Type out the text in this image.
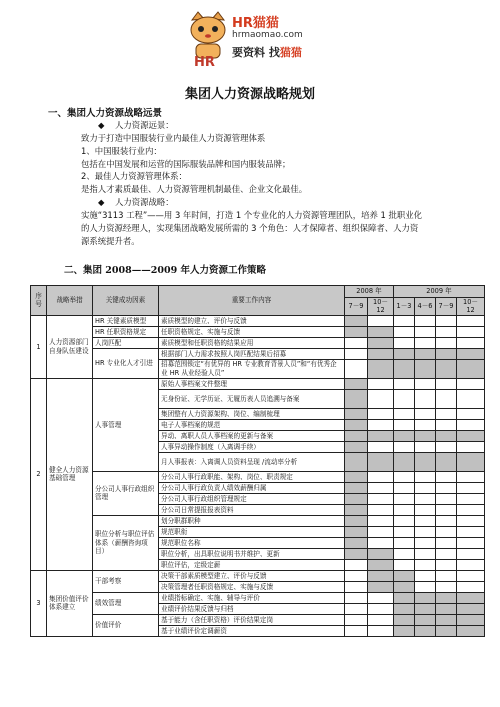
HR
HR猫猫
hrmaomao.com
要资料 找猫猫
集团人力资源战略规划
一、集团人力资源战略远景
◆ 人力资源远景：
致力于打造中国服装行业内最佳人力资源管理体系
1、中国服装行业内：
包括在中国发展和运营的国际服装品牌和国内服装品牌；
2、最佳人力资源管理体系：
是指人才素质最佳、人力资源管理机制最佳、企业文化最佳。
◆ 人力资源战略：
实施“3113 工程”——用 3 年时间，打造 1 个专业化的人力资源管理团队，培养 1 批职业化
的人力资源经理人，实现集团战略发展所需的 3 个角色：人才保障者、组织保障者、人力资
源系统提升者。
二、集团 2008——2009 年人力资源工作策略
序号	战略举措	关键成功因素	重要工作内容	2008 年		2009 年			
				7－9	10－12	1－3	4－6	7－9	10－12
1	人力资源部门自身队伍建设	HR 关键素质模型	素质模型的建立、评价与反馈						
		HR 任职资格规定	任职资格规定、实施与反馈						
		人岗匹配	素质模型和任职资格的结果应用						
		HR 专业化人才引进	根据部门人力需求按照人岗匹配结果后招募						
			招募范围锁定“有优异的 HR 专业教育背景人员”和“有优秀企业 HR 从业经验人员”						
2	健全人力资源基础管理	人事管理	原始人事档案文件整理						
			无身份证、无学历证、无履历表人员追溯与备案						
			集团整有人力资源架构、岗位、编制梳理						
			电子人事档案的规范						
			异动、离职人员人事档案的更新与备案						
			人事异动操作制度（入离调手续）						
			月人事报表：入离调人员资料呈现 /流动率分析						
		分公司人事行政组织管理	分公司人事行政职能、架构、岗位、职责规定						
			分公司人事行政负责人绩效薪酬归属						
			分公司人事行政组织管理规定						
			分公司日常提报报表资料						
		职位分析与职位评估体系（薪酬咨询项目）	划分职群职种						
			规范职衔						
			规范职位名称						
			职位分析，出具职位说明书并维护、更新						
			职位评估，定级定薪						
3	集团价值评价体系建立	干部考察	决策干部素质模型建立、评价与反馈						
			决策管理者任职资格规定、实施与反馈						
		绩效管理	业绩指标确定、实施、辅导与评价						
			业绩评价结果反馈与归档						
		价值评价	基于能力（含任职资格）评价结果定岗						
			基于业绩评价定调薪资						
